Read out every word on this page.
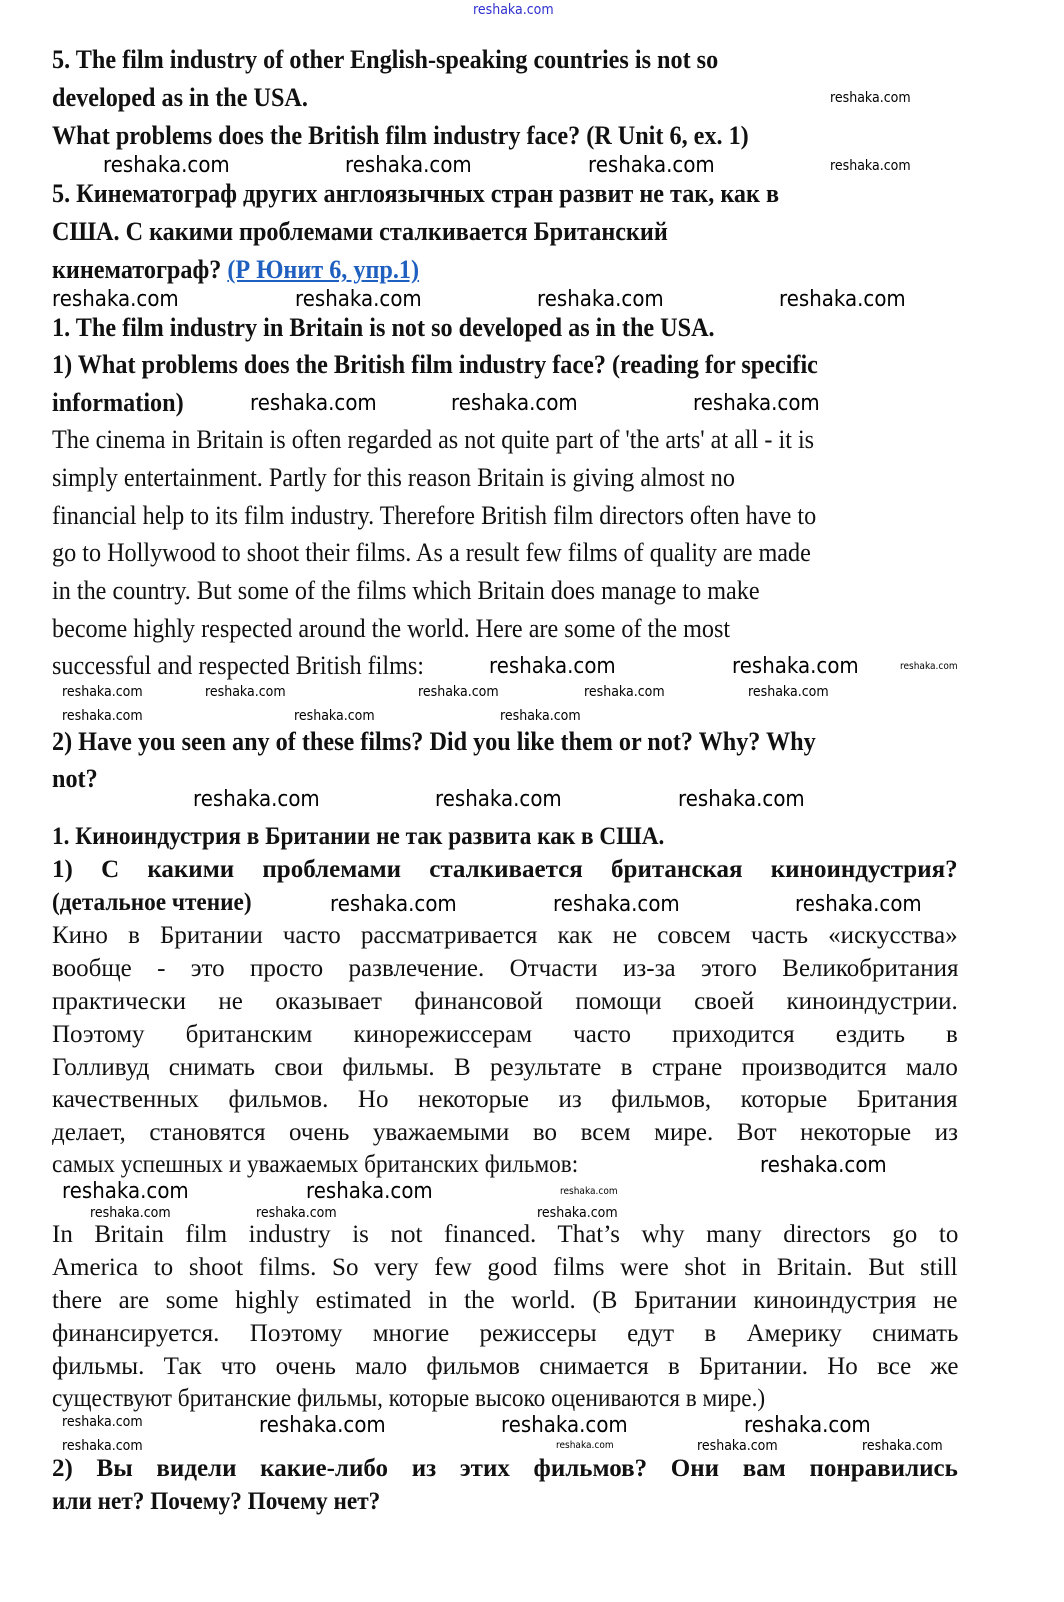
5. The film industry of other English-speaking countries is not so
developed as in the USA.
What problems does the British film industry face? (R Unit 6, ex. 1)
5. Кинематограф других англоязычных стран развит не так, как в
США. С какими проблемами сталкивается Британский
кинематограф? (Р Юнит 6, упр.1)
1. The film industry in Britain is not so developed as in the USA.
1) What problems does the British film industry face? (reading for specific
information)
The cinema in Britain is often regarded as not quite part of 'the arts' at all - it is
simply entertainment. Partly for this reason Britain is giving almost no
financial help to its film industry. Therefore British film directors often have to
go to Hollywood to shoot their films. As a result few films of quality are made
in the country. But some of the films which Britain does manage to make
become highly respected around the world. Here are some of the most
successful and respected British films:
2) Have you seen any of these films? Did you like them or not? Why? Why
not?
1. Киноиндустрия в Британии не так развита как в США.
1) С какими проблемами сталкивается британская киноиндустрия?
(детальное чтение)
Кино в Британии часто рассматривается как не совсем часть «искусства»
вообще - это просто развлечение. Отчасти из-за этого Великобритания
практически не оказывает финансовой помощи своей киноиндустрии.
Поэтому британским кинорежиссерам часто приходится ездить в
Голливуд снимать свои фильмы. В результате в стране производится мало
качественных фильмов. Но некоторые из фильмов, которые Британия
делает, становятся очень уважаемыми во всем мире. Вот некоторые из
самых успешных и уважаемых британских фильмов:
In Britain film industry is not financed. That’s why many directors go to
America to shoot films. So very few good films were shot in Britain. But still
there are some highly estimated in the world. (В Британии киноиндустрия не
финансируется. Поэтому многие режиссеры едут в Америку снимать
фильмы. Так что очень мало фильмов снимается в Британии. Но все же
существуют британские фильмы, которые высоко оцениваются в мире.)
2) Вы видели какие-либо из этих фильмов? Они вам понравились
или нет? Почему? Почему нет?
reshaka.com
reshaka.com
reshaka.com	reshaka.com	reshaka.com	reshaka.com
reshaka.com	reshaka.com	reshaka.com	reshaka.com
reshaka.com	reshaka.com	reshaka.com
reshaka.com	reshaka.com	reshaka.com
reshaka.com	reshaka.com	reshaka.com	reshaka.com	reshaka.com
reshaka.com	reshaka.com	reshaka.com
reshaka.com	reshaka.com	reshaka.com
reshaka.com	reshaka.com	reshaka.com
reshaka.com
reshaka.com	reshaka.com	reshaka.com
reshaka.com	reshaka.com	reshaka.com
reshaka.com	reshaka.com	reshaka.com	reshaka.com
reshaka.com	reshaka.com	reshaka.com	reshaka.com
